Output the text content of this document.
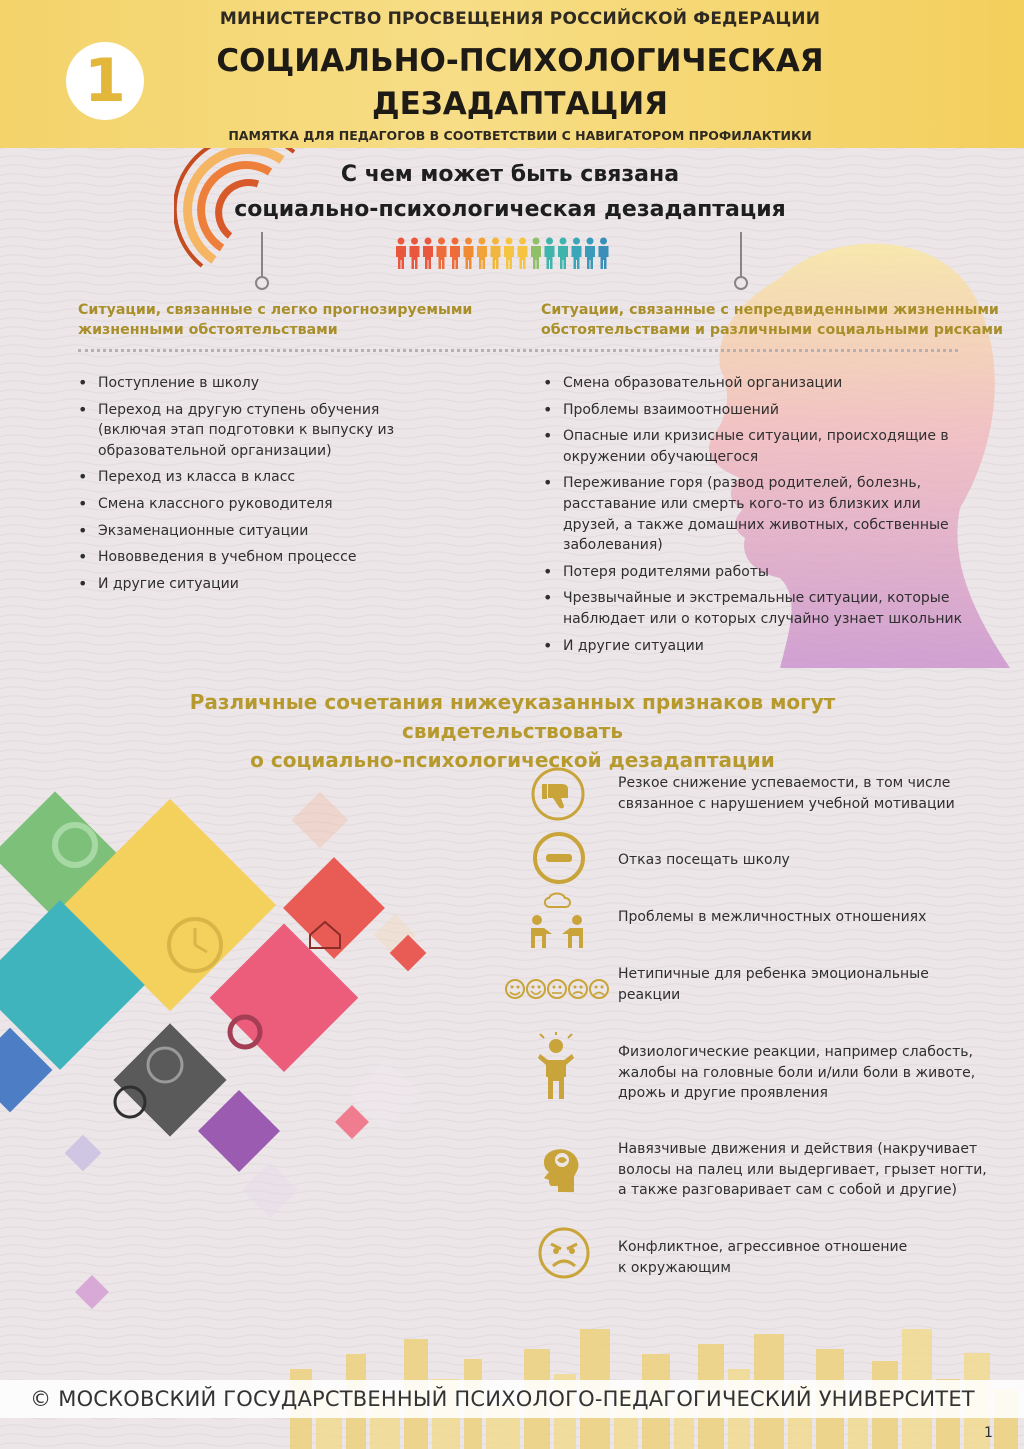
1
МИНИСТЕРСТВО ПРОСВЕЩЕНИЯ РОССИЙСКОЙ ФЕДЕРАЦИИ
СОЦИАЛЬНО-ПСИХОЛОГИЧЕСКАЯ
ДЕЗАДАПТАЦИЯ
ПАМЯТКА ДЛЯ ПЕДАГОГОВ В СООТВЕТСТВИИ С НАВИГАТОРОМ ПРОФИЛАКТИКИ
С чем может быть связана
социально-психологическая дезадаптация
Ситуации, связанные с легко прогнозируемыми
жизненными обстоятельствами
Ситуации, связанные с непредвиденными жизненными
обстоятельствами и различными социальными рисками
• Поступление в школу
• Переход на другую ступень обучения (включая этап подготовки к выпуску из образовательной организации)
• Переход из класса в класс
• Смена классного руководителя
• Экзаменационные ситуации
• Нововведения в учебном процессе
• И другие ситуации
• Смена образовательной организации
• Проблемы взаимоотношений
• Опасные или кризисные ситуации, происходящие в окружении обучающегося
• Переживание горя (развод родителей, болезнь, расставание или смерть кого-то из близких или друзей, а также домашних животных, собственные заболевания)
• Потеря родителями работы
• Чрезвычайные и экстремальные ситуации, которые наблюдает или о которых случайно узнает школьник
• И другие ситуации
Различные сочетания нижеуказанных признаков могут свидетельствовать
о социально-психологической дезадаптации
Резкое снижение успеваемости, в том числе связанное с нарушением учебной мотивации
Отказ посещать школу
Проблемы в межличностных отношениях
Нетипичные для ребенка эмоциональные реакции
Физиологические реакции, например слабость, жалобы на головные боли и/или боли в животе, дрожь и другие проявления
Навязчивые движения и действия (накручивает волосы на палец или выдергивает, грызет ногти, а также разговаривает сам с собой и другие)
Конфликтное, агрессивное отношение к окружающим
© МОСКОВСКИЙ ГОСУДАРСТВЕННЫЙ ПСИХОЛОГО-ПЕДАГОГИЧЕСКИЙ УНИВЕРСИТЕТ
1
